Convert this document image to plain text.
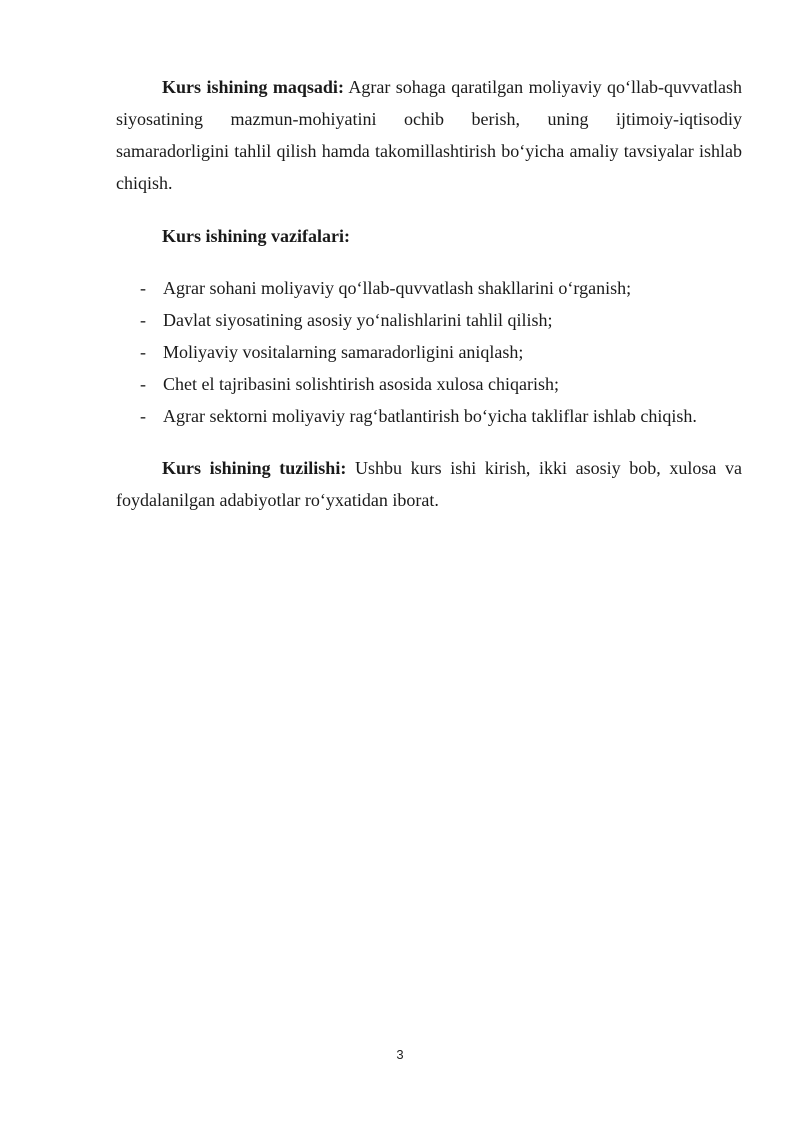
Kurs ishining maqsadi: Agrar sohaga qaratilgan moliyaviy qo‘llab-quvvatlash siyosatining mazmun-mohiyatini ochib berish, uning ijtimoiy-iqtisodiy samaradorligini tahlil qilish hamda takomillashtirish bo‘yicha amaliy tavsiyalar ishlab chiqish.

Kurs ishining vazifalari:

- Agrar sohani moliyaviy qo‘llab-quvvatlash shakllarini o‘rganish;
- Davlat siyosatining asosiy yo‘nalishlarini tahlil qilish;
- Moliyaviy vositalarning samaradorligini aniqlash;
- Chet el tajribasini solishtirish asosida xulosa chiqarish;
- Agrar sektorni moliyaviy rag‘batlantirish bo‘yicha takliflar ishlab chiqish.

Kurs ishining tuzilishi: Ushbu kurs ishi kirish, ikki asosiy bob, xulosa va foydalanilgan adabiyotlar ro‘yxatidan iborat.

3
